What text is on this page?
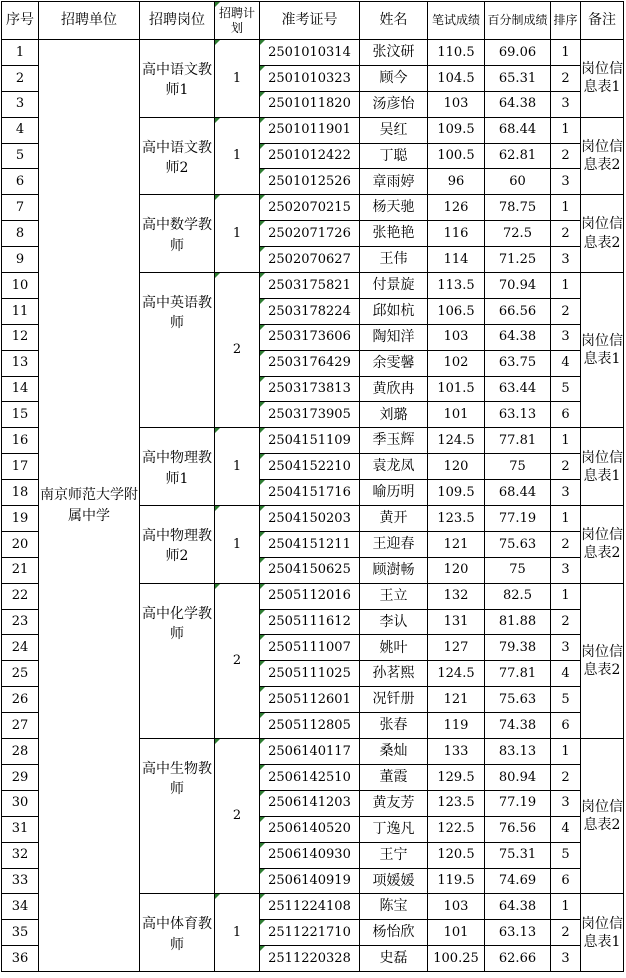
序号	招聘单位	招聘岗位	招聘计划	准考证号	姓名	笔试成绩	百分制成绩	排序	备注
1	南京师范大学附属中学	高中语文教师1	1	2501010314	张汶研	110.5	69.06	1	岗位信息表1
2				2501010323	顾今	104.5	65.31	2	
3				2501011820	汤彦怡	103	64.38	3	
4		高中语文教师2	1	2501011901	吴红	109.5	68.44	1	岗位信息表2
5				2501012422	丁聪	100.5	62.81	2	
6				2501012526	章雨婷	96	60	3	
7		高中数学教师	1	2502070215	杨天驰	126	78.75	1	岗位信息表2
8				2502071726	张艳艳	116	72.5	2	
9				2502070627	王伟	114	71.25	3	
10		高中英语教师	2	2503175821	付景旋	113.5	70.94	1	岗位信息表1
11				2503178224	邱如杭	106.5	66.56	2	
12				2503173606	陶知洋	103	64.38	3	
13				2503176429	余雯馨	102	63.75	4	
14				2503173813	黄欣冉	101.5	63.44	5	
15				2503173905	刘璐	101	63.13	6	
16		高中物理教师1	1	2504151109	季玉辉	124.5	77.81	1	岗位信息表1
17				2504152210	袁龙凤	120	75	2	
18				2504151716	喻历明	109.5	68.44	3	
19		高中物理教师2	1	2504150203	黄开	123.5	77.19	1	岗位信息表2
20				2504151211	王迎春	121	75.63	2	
21				2504150625	顾澍畅	120	75	3	
22		高中化学教师	2	2505112016	王立	132	82.5	1	岗位信息表2
23				2505111612	李认	131	81.88	2	
24				2505111007	姚叶	127	79.38	3	
25				2505111025	孙茗熙	124.5	77.81	4	
26				2505112601	况钎册	121	75.63	5	
27				2505112805	张春	119	74.38	6	
28		高中生物教师	2	2506140117	桑灿	133	83.13	1	岗位信息表2
29				2506142510	董霞	129.5	80.94	2	
30				2506141203	黄友芳	123.5	77.19	3	
31				2506140520	丁逸凡	122.5	76.56	4	
32				2506140930	王宁	120.5	75.31	5	
33				2506140919	项媛媛	119.5	74.69	6	
34		高中体育教师	1	2511224108	陈宝	103	64.38	1	岗位信息表1
35				2511221710	杨怡欣	101	63.13	2	
36				2511220328	史磊	100.25	62.66	3	
